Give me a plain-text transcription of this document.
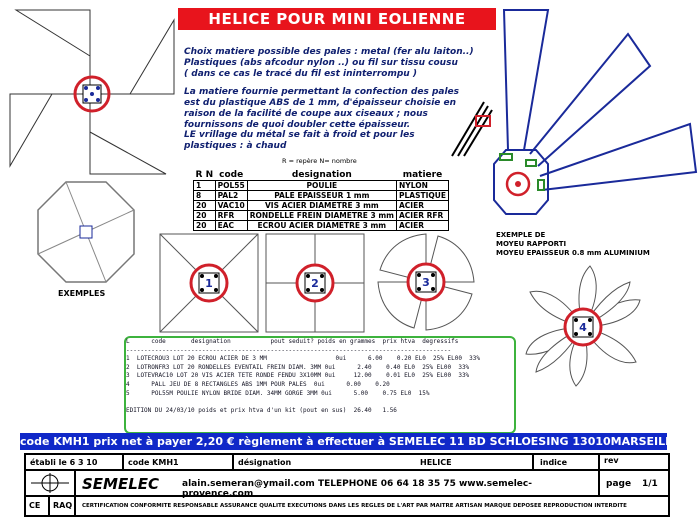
HELICE POUR MINI EOLIENNE
Choix matiere possible des pales : metal (fer alu laiton..)
Plastiques (abs afcodur nylon ..) ou fil sur tissu cousu
( dans ce cas le tracé du fil est ininterrompu )
La matiere fournie permettant la confection des pales
est du plastique ABS de 1 mm, d'épaisseur choisie en
raison de la facilité de coupe aux ciseaux ; nous
fournissons de quoi doubler cette épaisseur.
LE vrillage du métal se fait à froid et pour les
plastiques : à chaud
EXEMPLE DE
MOYEU RAPPORTI
MOYEU EPAISSEUR 0.8 mm ALUMINIUM
R = repère N= nombre
R N	code	designation	matiere
1	POL55	POULIE	NYLON
8	PAL2	PALE EPAISSEUR 1 mm	PLASTIQUE
20	VAC10	VIS ACIER DIAMETRE 3 mm	ACIER
20	RFR	RONDELLE FREIN DIAMETRE 3 mm	ACIER RFR
20	EAC	ECROU ACIER DIAMETRE 3 mm	ACIER
EXEMPLES
1	2	3
4
L      code       designation           pout seduit? poids en grammes  prix htva  degressifs
------------------------------------------------------------------------------------------
1  LOTECROU3 LOT 20 ECROU ACIER DE 3 MM                   0ui      6.00    0.20 EL0  25% EL00  33%
2  LOTRONFR3 LOT 20 RONDELLES EVENTAIL FREIN DIAM. 3MM 0ui      2.40    0.40 EL0  25% EL00  33%
3  LOTEVRAC10 LOT 20 VIS ACIER TETE RONDE FENDU 3X10MM 0ui     12.00    0.01 EL0  25% EL00  33%
4      PALL JEU DE 8 RECTANGLES ABS 1MM POUR PALES  0ui      0.00    0.20
5      POL55M POULIE NYLON BRIDE DIAM. 34MM GORGE 3MM 0ui      5.00    0.75 EL0  15%

EDITION DU 24/03/10 poids et prix htva d'un kit (pout en sus)  26.40   1.56
code KMH1 prix net à payer 2,20 € règlement à effectuer à SEMELEC 11 BD SCHLOESING 13010MARSEILLE
établi le 6 3 10	code KMH1	désignation	HELICE	indice	rev
SEMELEC	alain.semeran@ymail.com TELEPHONE 06 64 18 35 75 www.semelec-provence.com
page 1/1
CE RAQ CERTIFICATION CONFORMITE RESPONSABLE ASSURANCE QUALITE EXECUTIONS DANS LES REGLES DE L'ART PAR MAITRE ARTISAN MARQUE DEPOSEE REPRODUCTION INTERDITE
